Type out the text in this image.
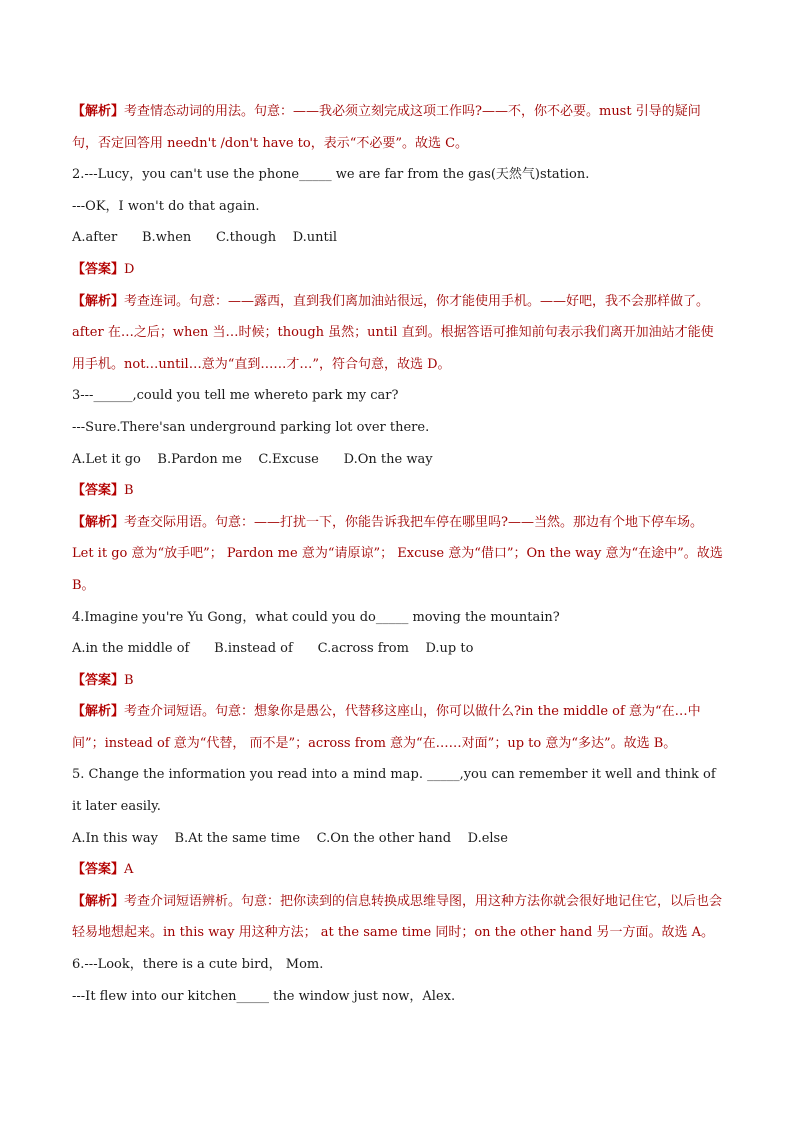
【解析】考查情态动词的用法。句意：——我必须立刻完成这项工作吗?——不，你不必要。must 引导的疑问句，否定回答用 needn't /don't have to，表示“不必要”。故选 C。
2.---Lucy，you can't use the phone_____ we are far from the gas(天然气)station.
---OK，I won't do that again.
A.after      B.when      C.though    D.until
【答案】D
【解析】考查连词。句意：——露西，直到我们离加油站很远，你才能使用手机。——好吧，我不会那样做了。after 在…之后；when 当…时候；though 虽然；until 直到。根据答语可推知前句表示我们离开加油站才能使用手机。not…until…意为“直到……才…”，符合句意，故选 D。
3---______,could you tell me whereto park my car?
---Sure.There'san underground parking lot over there.
A.Let it go    B.Pardon me    C.Excuse      D.On the way
【答案】B
【解析】考查交际用语。句意：——打扰一下，你能告诉我把车停在哪里吗?——当然。那边有个地下停车场。Let it go 意为“放手吧”； Pardon me 意为“请原谅”； Excuse 意为“借口”；On the way 意为“在途中”。故选 B。
4.Imagine you're Yu Gong，what could you do_____ moving the mountain?
A.in the middle of      B.instead of      C.across from    D.up to
【答案】B
【解析】考查介词短语。句意：想象你是愚公，代替移这座山，你可以做什么?in the middle of 意为“在…中间”；instead of 意为“代替， 而不是”；across from 意为“在……对面”；up to 意为“多达”。故选 B。
5. Change the information you read into a mind map. _____,you can remember it well and think of it later easily.
A.In this way    B.At the same time    C.On the other hand    D.else
【答案】A
【解析】考查介词短语辨析。句意：把你读到的信息转换成思维导图，用这种方法你就会很好地记住它，以后也会轻易地想起来。in this way 用这种方法； at the same time 同时；on the other hand 另一方面。故选 A。
6.---Look，there is a cute bird， Mom.
---It flew into our kitchen_____ the window just now，Alex.
